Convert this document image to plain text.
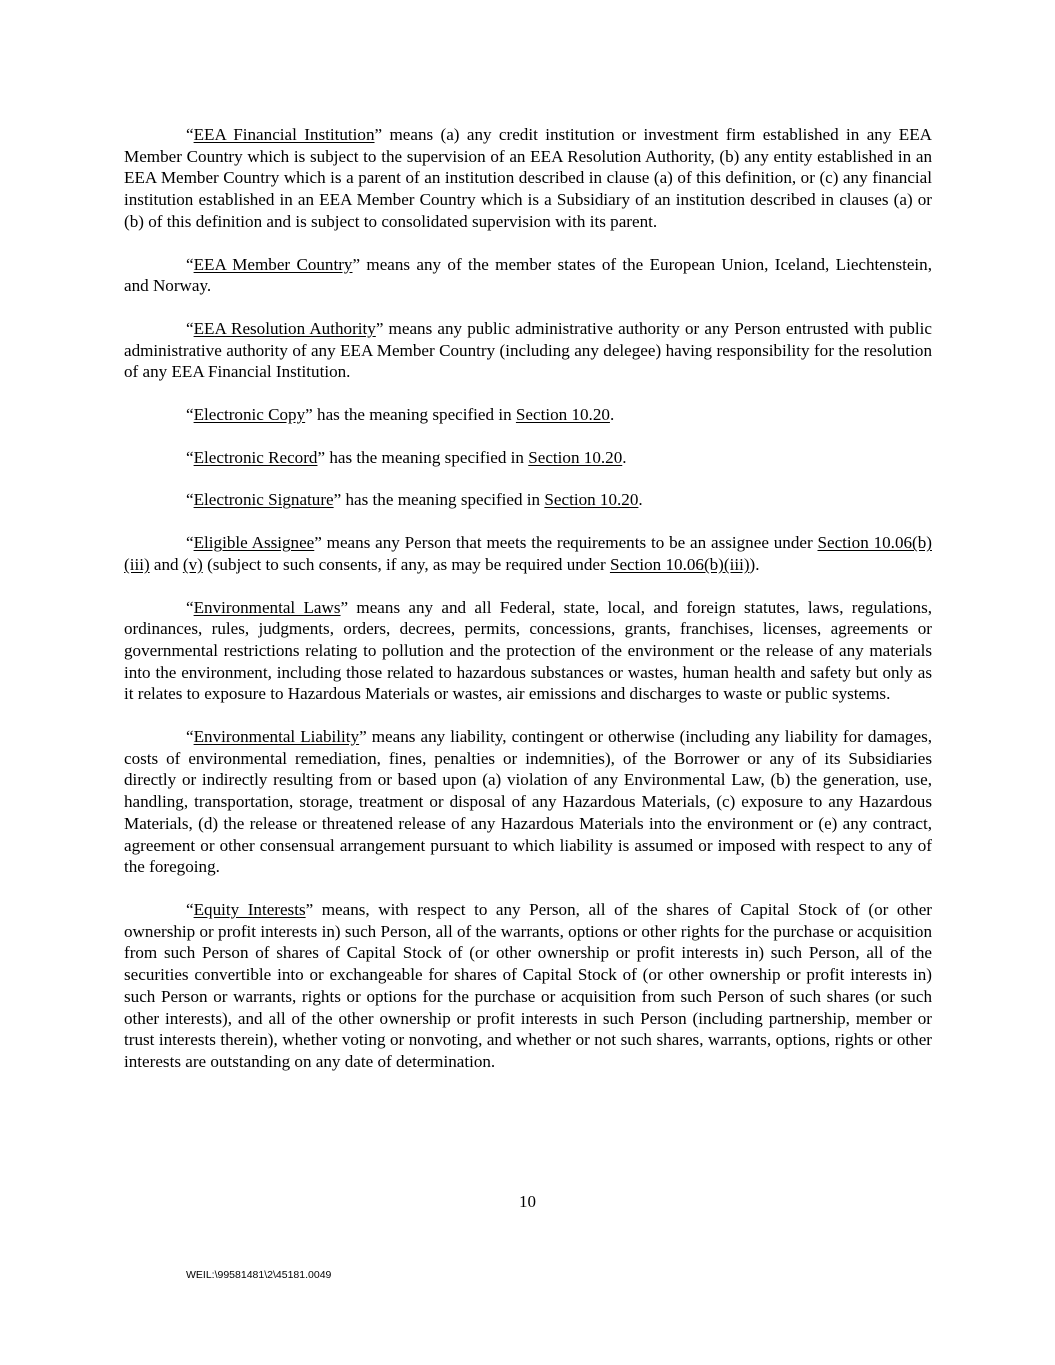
“EEA Financial Institution” means (a) any credit institution or investment firm established in any EEA Member Country which is subject to the supervision of an EEA Resolution Authority, (b) any entity established in an EEA Member Country which is a parent of an institution described in clause (a) of this definition, or (c) any financial institution established in an EEA Member Country which is a Subsidiary of an institution described in clauses (a) or (b) of this definition and is subject to consolidated supervision with its parent.

“EEA Member Country” means any of the member states of the European Union, Iceland, Liechtenstein, and Norway.

“EEA Resolution Authority” means any public administrative authority or any Person entrusted with public administrative authority of any EEA Member Country (including any delegee) having responsibility for the resolution of any EEA Financial Institution.

“Electronic Copy” has the meaning specified in Section 10.20.

“Electronic Record” has the meaning specified in Section 10.20.

“Electronic Signature” has the meaning specified in Section 10.20.

“Eligible Assignee” means any Person that meets the requirements to be an assignee under Section 10.06(b)(iii) and (v) (subject to such consents, if any, as may be required under Section 10.06(b)(iii)).

“Environmental Laws” means any and all Federal, state, local, and foreign statutes, laws, regulations, ordinances, rules, judgments, orders, decrees, permits, concessions, grants, franchises, licenses, agreements or governmental restrictions relating to pollution and the protection of the environment or the release of any materials into the environment, including those related to hazardous substances or wastes, human health and safety but only as it relates to exposure to Hazardous Materials or wastes, air emissions and discharges to waste or public systems.

“Environmental Liability” means any liability, contingent or otherwise (including any liability for damages, costs of environmental remediation, fines, penalties or indemnities), of the Borrower or any of its Subsidiaries directly or indirectly resulting from or based upon (a) violation of any Environmental Law, (b) the generation, use, handling, transportation, storage, treatment or disposal of any Hazardous Materials, (c) exposure to any Hazardous Materials, (d) the release or threatened release of any Hazardous Materials into the environment or (e) any contract, agreement or other consensual arrangement pursuant to which liability is assumed or imposed with respect to any of the foregoing.

“Equity Interests” means, with respect to any Person, all of the shares of Capital Stock of (or other ownership or profit interests in) such Person, all of the warrants, options or other rights for the purchase or acquisition from such Person of shares of Capital Stock of (or other ownership or profit interests in) such Person, all of the securities convertible into or exchangeable for shares of Capital Stock of (or other ownership or profit interests in) such Person or warrants, rights or options for the purchase or acquisition from such Person of such shares (or such other interests), and all of the other ownership or profit interests in such Person (including partnership, member or trust interests therein), whether voting or nonvoting, and whether or not such shares, warrants, options, rights or other interests are outstanding on any date of determination.

10
WEIL:\99581481\2\45181.0049
